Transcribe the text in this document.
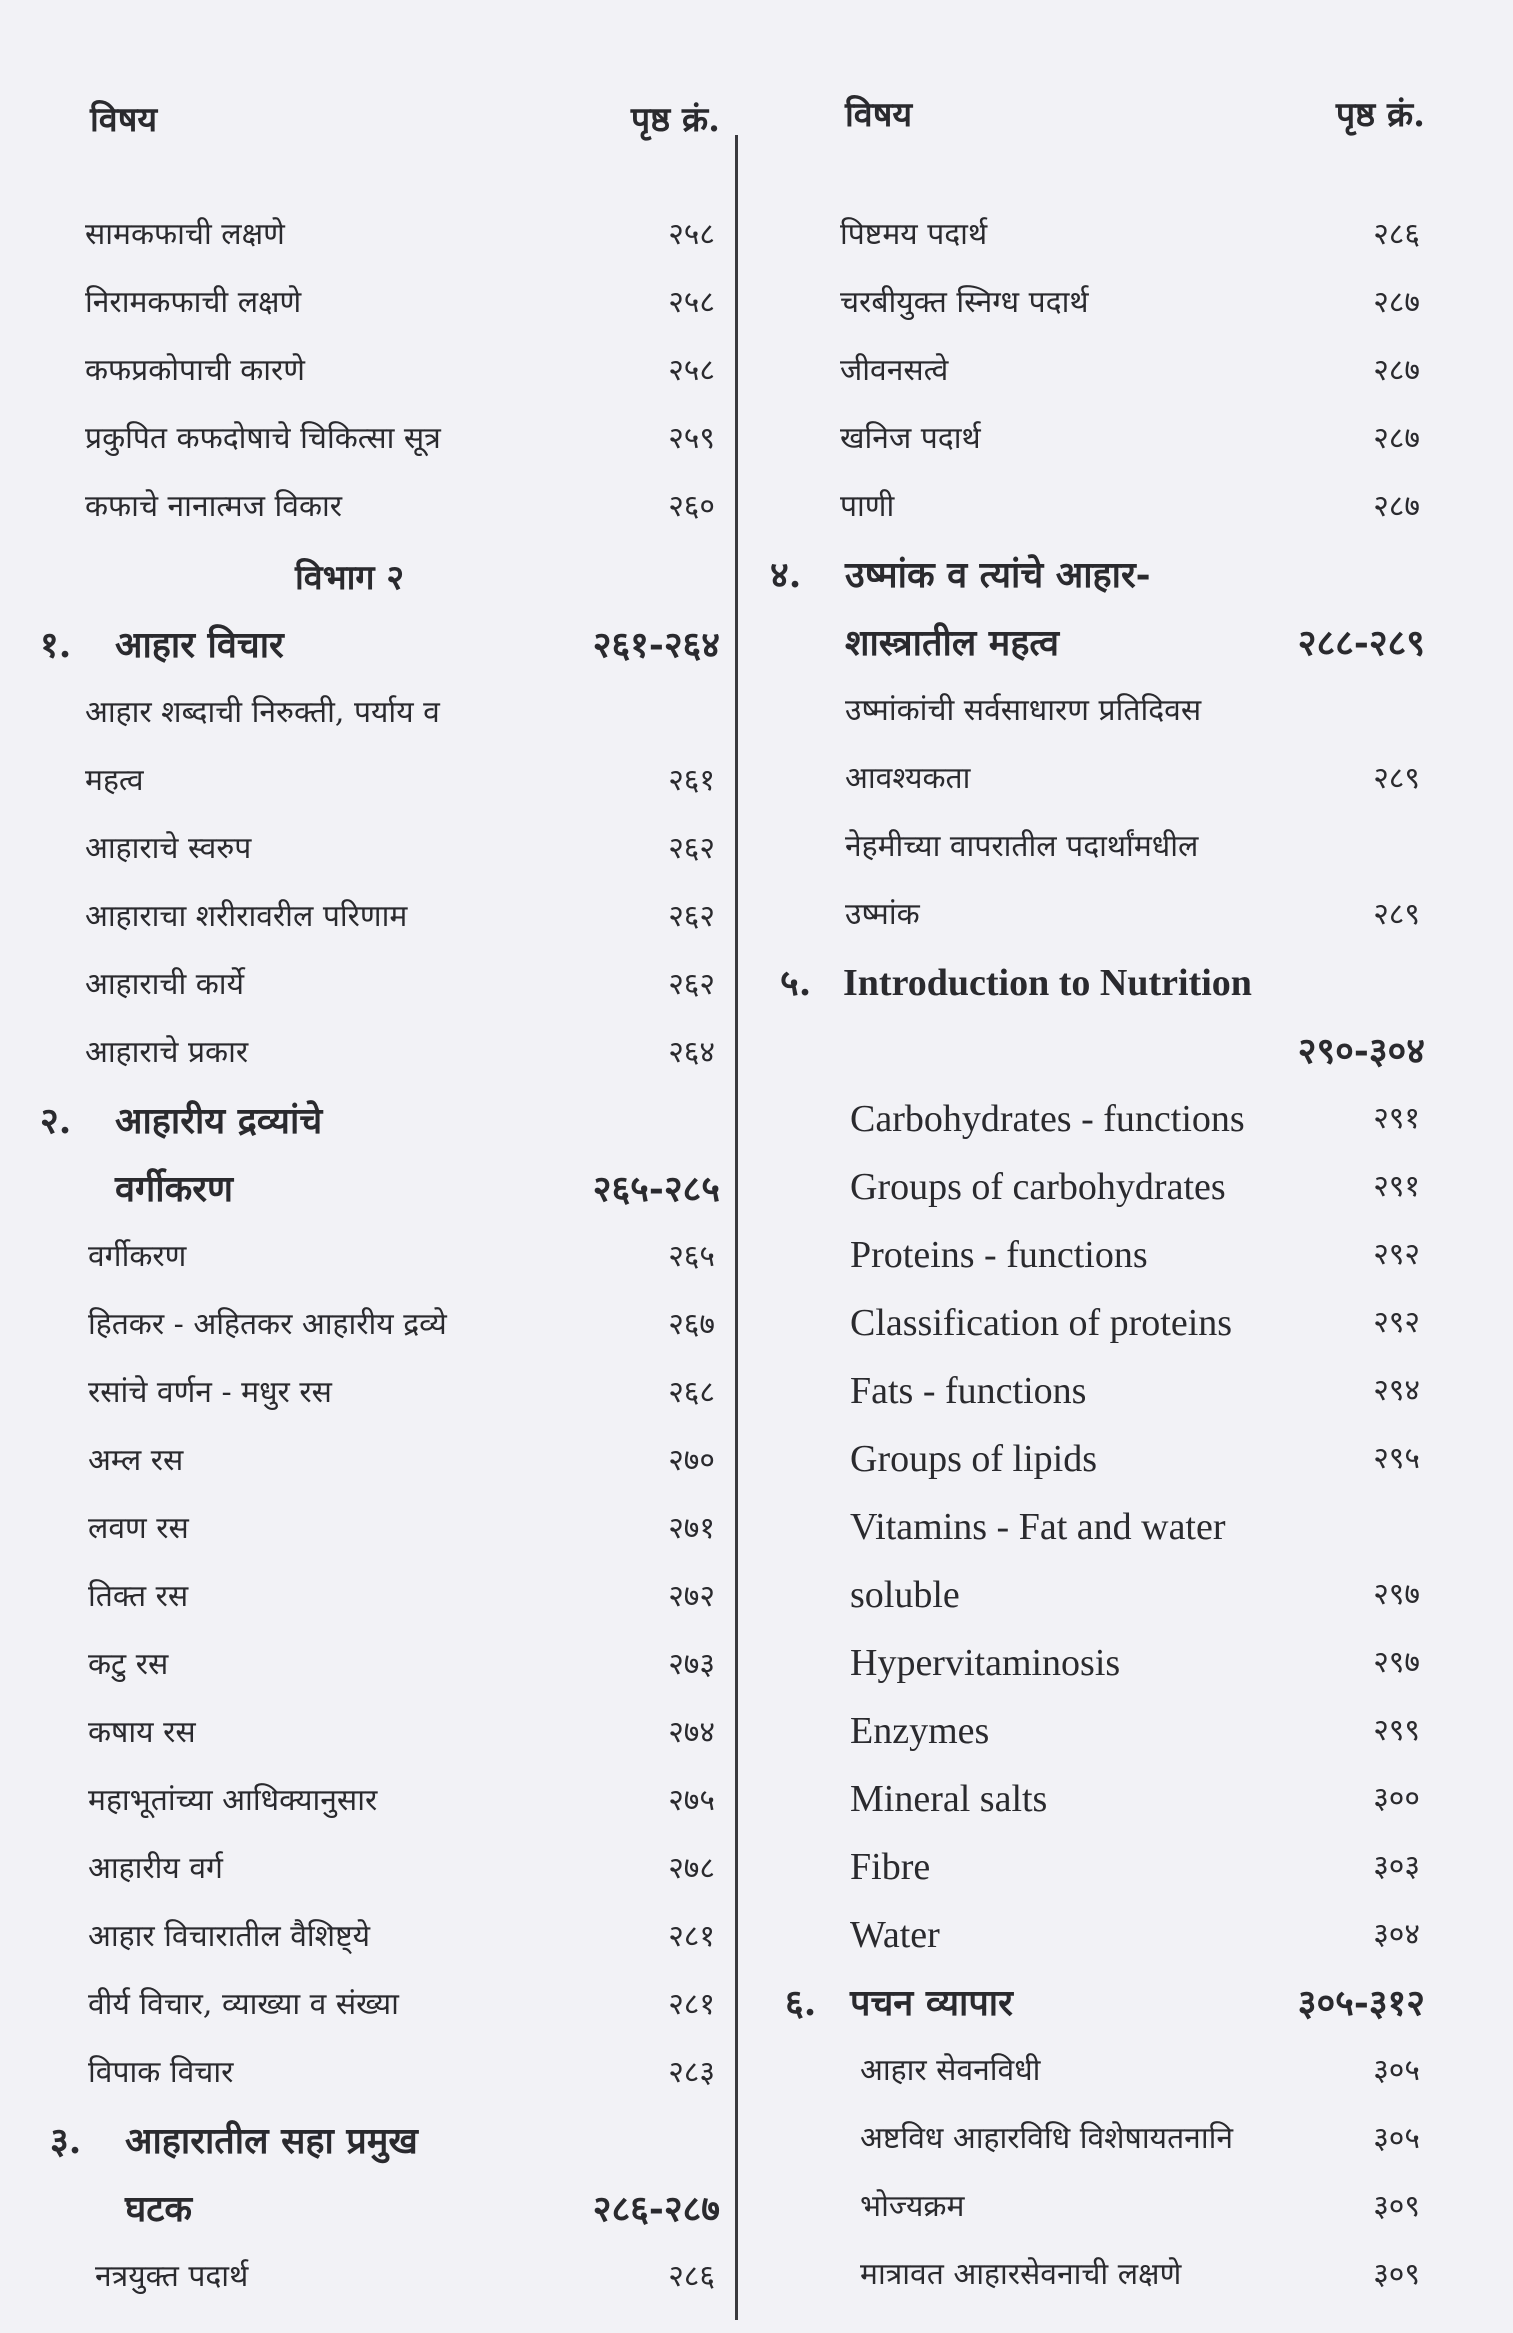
विषय	पृष्ठ क्रं.
सामकफाची लक्षणे	२५८
निरामकफाची लक्षणे	२५८
कफप्रकोपाची कारणे	२५८
प्रकुपित कफदोषाचे चिकित्सा सूत्र	२५९
कफाचे नानात्मज विकार	२६०
विभाग २
१. आहार विचार	२६१-२६४
आहार शब्दाची निरुक्ती, पर्याय व
महत्व	२६१
आहाराचे स्वरुप	२६२
आहाराचा शरीरावरील परिणाम	२६२
आहाराची कार्ये	२६२
आहाराचे प्रकार	२६४
२. आहारीय द्रव्यांचे
वर्गीकरण	२६५-२८५
वर्गीकरण	२६५
हितकर - अहितकर आहारीय द्रव्ये	२६७
रसांचे वर्णन - मधुर रस	२६८
अम्ल रस	२७०
लवण रस	२७१
तिक्त रस	२७२
कटु रस	२७३
कषाय रस	२७४
महाभूतांच्या आधिक्यानुसार	२७५
आहारीय वर्ग	२७८
आहार विचारातील वैशिष्ट्ये	२८१
वीर्य विचार, व्याख्या व संख्या	२८१
विपाक विचार	२८३
३. आहारातील सहा प्रमुख
घटक	२८६-२८७
नत्रयुक्त पदार्थ	२८६
विषय	पृष्ठ क्रं.
पिष्टमय पदार्थ	२८६
चरबीयुक्त स्निग्ध पदार्थ	२८७
जीवनसत्वे	२८७
खनिज पदार्थ	२८७
पाणी	२८७
४. उष्मांक व त्यांचे आहार-
शास्त्रातील महत्व	२८८-२८९
उष्मांकांची सर्वसाधारण प्रतिदिवस
आवश्यकता	२८९
नेहमीच्या वापरातील पदार्थांमधील
उष्मांक	२८९
५. Introduction to Nutrition
२९०-३०४
Carbohydrates - functions	२९१
Groups of carbohydrates	२९१
Proteins - functions	२९२
Classification of proteins	२९२
Fats - functions	२९४
Groups of lipids	२९५
Vitamins - Fat and water
soluble	२९७
Hypervitaminosis	२९७
Enzymes	२९९
Mineral salts	३००
Fibre	३०३
Water	३०४
६. पचन व्यापार	३०५-३१२
आहार सेवनविधी	३०५
अष्टविध आहारविधि विशेषायतनानि	३०५
भोज्यक्रम	३०९
मात्रावत आहारसेवनाची लक्षणे	३०९
